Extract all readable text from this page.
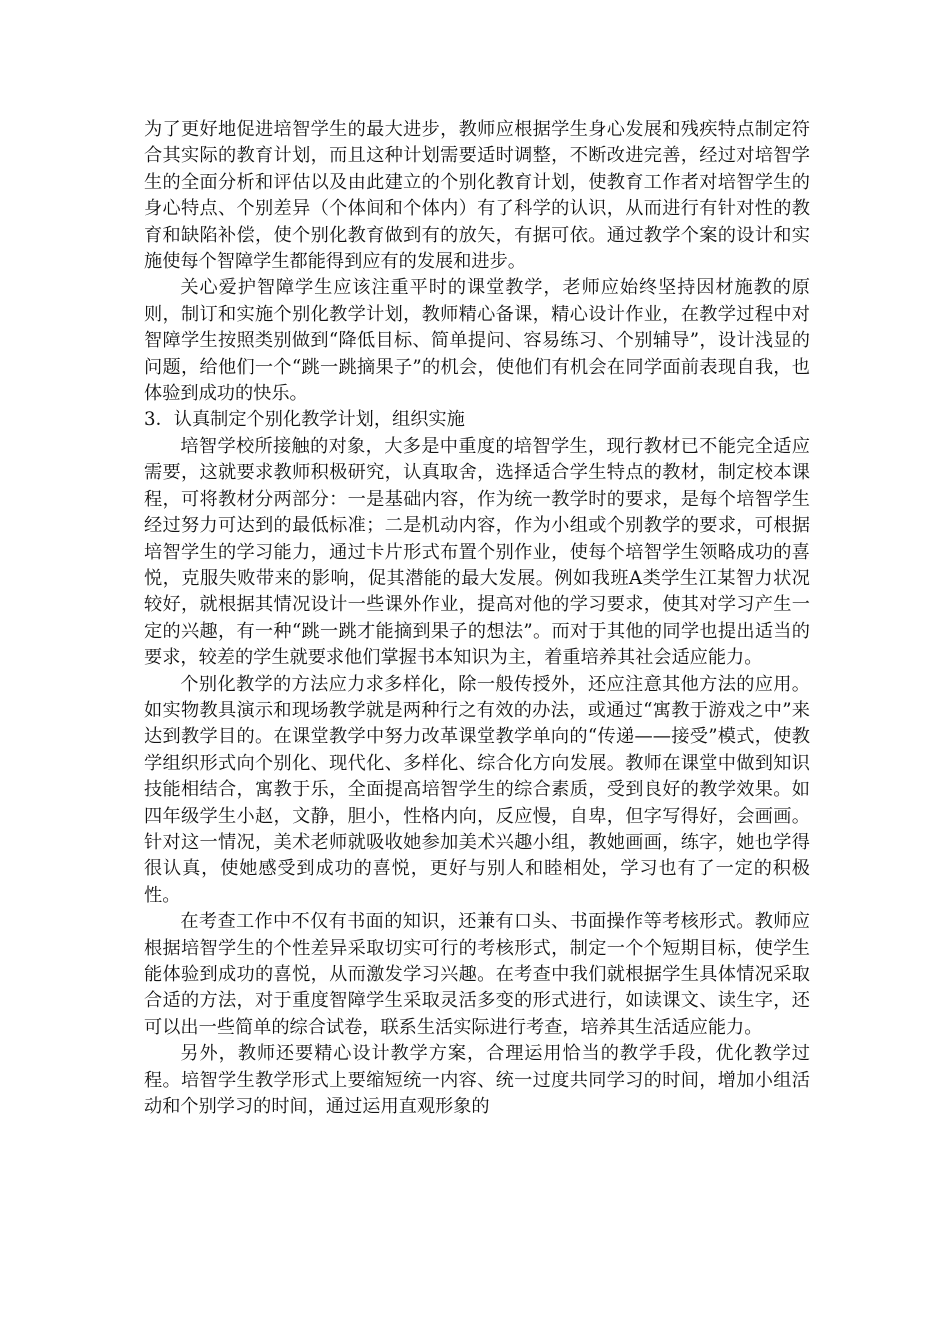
为了更好地促进培智学生的最大进步，教师应根据学生身心发展和残疾特点制定符合其实际的教育计划，而且这种计划需要适时调整，不断改进完善，经过对培智学生的全面分析和评估以及由此建立的个别化教育计划，使教育工作者对培智学生的身心特点、个别差异（个体间和个体内）有了科学的认识，从而进行有针对性的教育和缺陷补偿，使个别化教育做到有的放矢，有据可依。通过教学个案的设计和实施使每个智障学生都能得到应有的发展和进步。

关心爱护智障学生应该注重平时的课堂教学，老师应始终坚持因材施教的原则，制订和实施个别化教学计划，教师精心备课，精心设计作业，在教学过程中对智障学生按照类别做到“降低目标、简单提问、容易练习、个别辅导”，设计浅显的问题，给他们一个“跳一跳摘果子”的机会，使他们有机会在同学面前表现自我，也体验到成功的快乐。

3．认真制定个别化教学计划，组织实施

培智学校所接触的对象，大多是中重度的培智学生，现行教材已不能完全适应需要，这就要求教师积极研究，认真取舍，选择适合学生特点的教材，制定校本课程，可将教材分两部分：一是基础内容，作为统一教学时的要求，是每个培智学生经过努力可达到的最低标准；二是机动内容，作为小组或个别教学的要求，可根据培智学生的学习能力，通过卡片形式布置个别作业，使每个培智学生领略成功的喜悦，克服失败带来的影响，促其潜能的最大发展。例如我班A类学生江某智力状况较好，就根据其情况设计一些课外作业，提高对他的学习要求，使其对学习产生一定的兴趣，有一种“跳一跳才能摘到果子的想法”。而对于其他的同学也提出适当的要求，较差的学生就要求他们掌握书本知识为主，着重培养其社会适应能力。

个别化教学的方法应力求多样化，除一般传授外，还应注意其他方法的应用。如实物教具演示和现场教学就是两种行之有效的办法，或通过“寓教于游戏之中”来达到教学目的。在课堂教学中努力改革课堂教学单向的“传递——接受”模式，使教学组织形式向个别化、现代化、多样化、综合化方向发展。教师在课堂中做到知识技能相结合，寓教于乐，全面提高培智学生的综合素质，受到良好的教学效果。如四年级学生小赵，文静，胆小，性格内向，反应慢，自卑，但字写得好，会画画。针对这一情况，美术老师就吸收她参加美术兴趣小组，教她画画，练字，她也学得很认真，使她感受到成功的喜悦，更好与别人和睦相处，学习也有了一定的积极性。

在考查工作中不仅有书面的知识，还兼有口头、书面操作等考核形式。教师应根据培智学生的个性差异采取切实可行的考核形式，制定一个个短期目标，使学生能体验到成功的喜悦，从而激发学习兴趣。在考查中我们就根据学生具体情况采取合适的方法，对于重度智障学生采取灵活多变的形式进行，如读课文、读生字，还可以出一些简单的综合试卷，联系生活实际进行考查，培养其生活适应能力。

另外，教师还要精心设计教学方案，合理运用恰当的教学手段，优化教学过程。培智学生教学形式上要缩短统一内容、统一过度共同学习的时间，增加小组活动和个别学习的时间，通过运用直观形象的
